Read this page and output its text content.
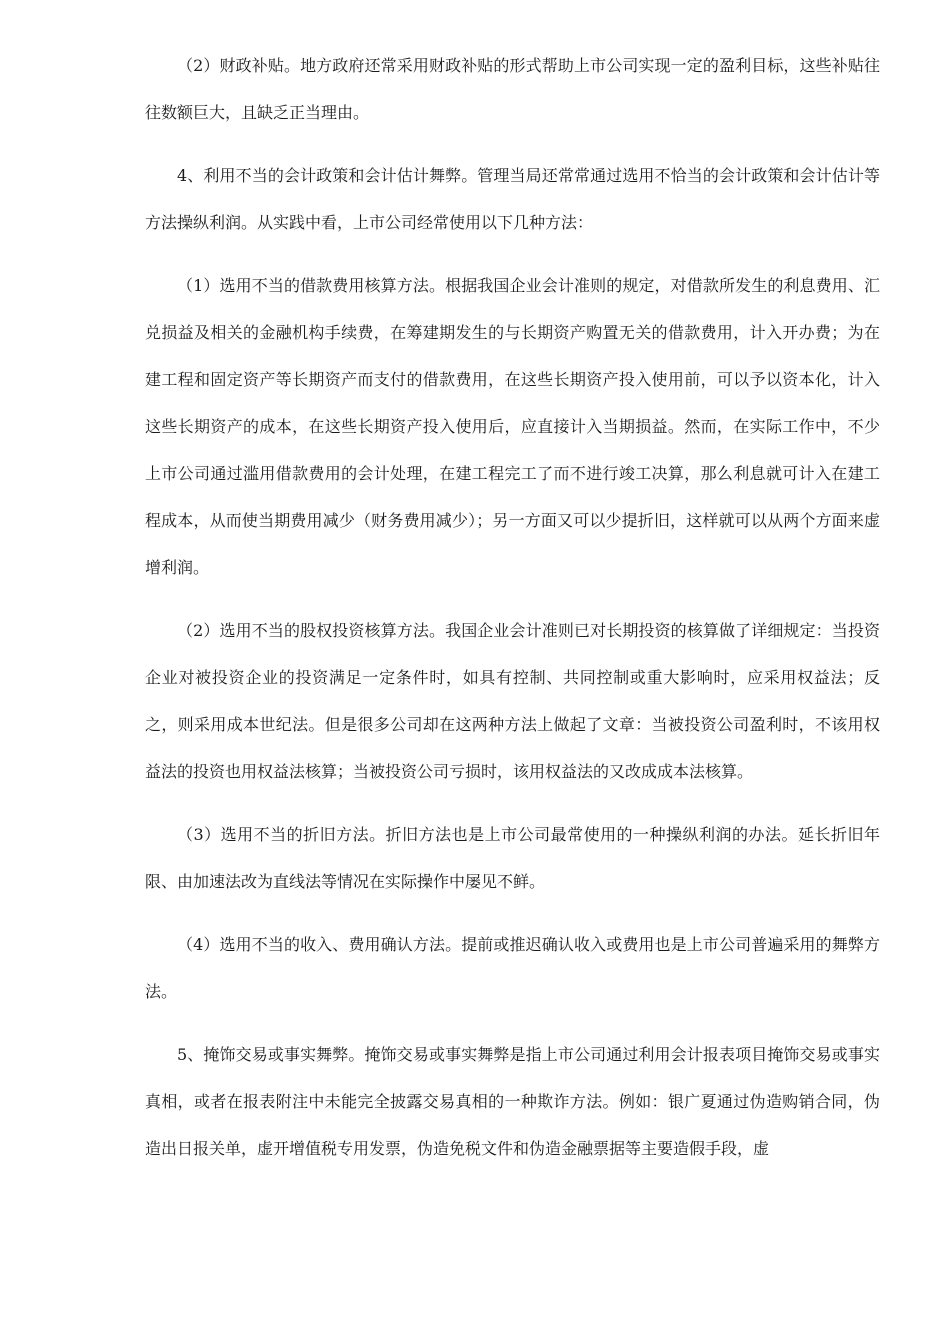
（2）财政补贴。地方政府还常采用财政补贴的形式帮助上市公司实现一定的盈利目标，这些补贴往往数额巨大，且缺乏正当理由。

4、利用不当的会计政策和会计估计舞弊。管理当局还常常通过选用不恰当的会计政策和会计估计等方法操纵利润。从实践中看，上市公司经常使用以下几种方法：

（1）选用不当的借款费用核算方法。根据我国企业会计准则的规定，对借款所发生的利息费用、汇兑损益及相关的金融机构手续费，在筹建期发生的与长期资产购置无关的借款费用，计入开办费；为在建工程和固定资产等长期资产而支付的借款费用，在这些长期资产投入使用前，可以予以资本化，计入这些长期资产的成本，在这些长期资产投入使用后，应直接计入当期损益。然而，在实际工作中，不少上市公司通过滥用借款费用的会计处理，在建工程完工了而不进行竣工决算，那么利息就可计入在建工程成本，从而使当期费用减少（财务费用减少）；另一方面又可以少提折旧，这样就可以从两个方面来虚增利润。

（2）选用不当的股权投资核算方法。我国企业会计准则已对长期投资的核算做了详细规定：当投资企业对被投资企业的投资满足一定条件时，如具有控制、共同控制或重大影响时，应采用权益法；反之，则采用成本世纪法。但是很多公司却在这两种方法上做起了文章：当被投资公司盈利时，不该用权益法的投资也用权益法核算；当被投资公司亏损时，该用权益法的又改成成本法核算。

（3）选用不当的折旧方法。折旧方法也是上市公司最常使用的一种操纵利润的办法。延长折旧年限、由加速法改为直线法等情况在实际操作中屡见不鲜。

（4）选用不当的收入、费用确认方法。提前或推迟确认收入或费用也是上市公司普遍采用的舞弊方法。

5、掩饰交易或事实舞弊。掩饰交易或事实舞弊是指上市公司通过利用会计报表项目掩饰交易或事实真相，或者在报表附注中未能完全披露交易真相的一种欺诈方法。例如：银广夏通过伪造购销合同，伪造出日报关单，虚开增值税专用发票，伪造免税文件和伪造金融票据等主要造假手段，虚
